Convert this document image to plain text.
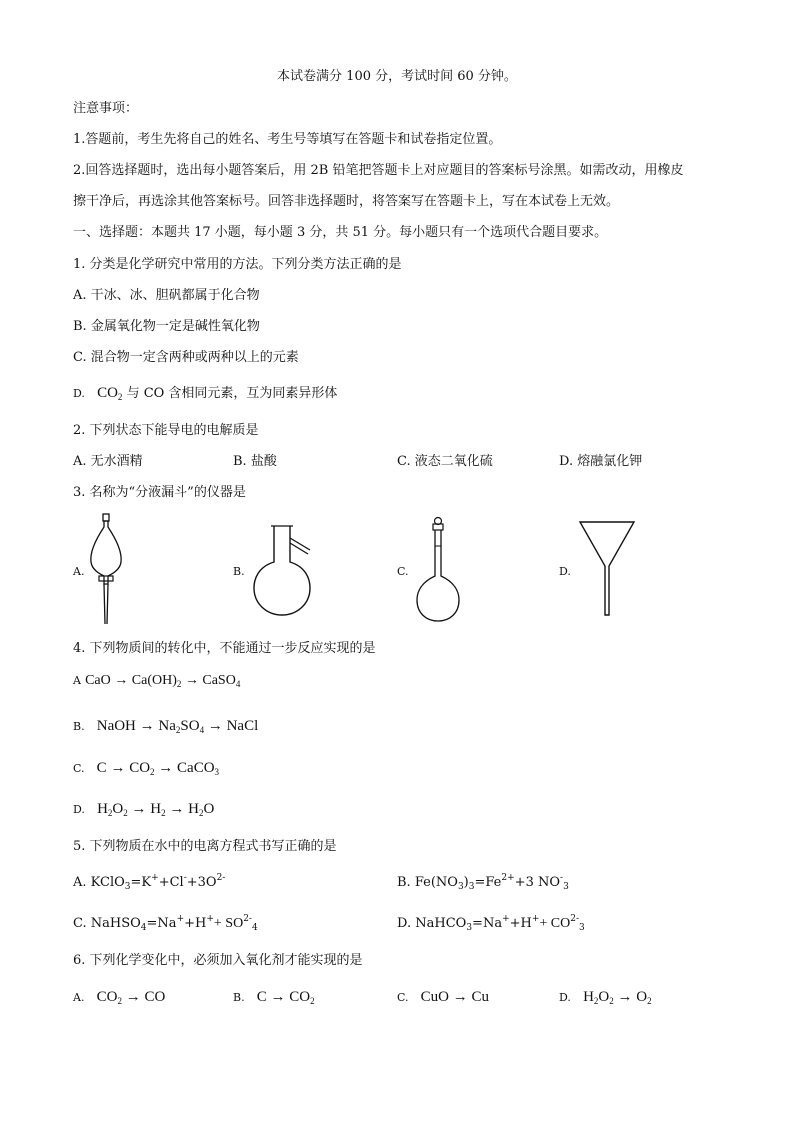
本试卷满分 100 分，考试时间 60 分钟。
注意事项：
1.答题前，考生先将自己的姓名、考生号等填写在答题卡和试卷指定位置。
2.回答选择题时，选出每小题答案后，用 2B 铅笔把答题卡上对应题目的答案标号涂黑。如需改动，用橡皮
擦干净后，再选涂其他答案标号。回答非选择题时，将答案写在答题卡上，写在本试卷上无效。
一、选择题：本题共 17 小题，每小题 3 分，共 51 分。每小题只有一个选项代合题目要求。
1. 分类是化学研究中常用的方法。下列分类方法正确的是
A. 干冰、冰、胆矾都属于化合物
B. 金属氧化物一定是碱性氧化物
C. 混合物一定含两种或两种以上的元素
D. $CO_2$ 与 CO 含相同元素，互为同素异形体
2. 下列状态下能导电的电解质是
A. 无水酒精	B. 盐酸	C. 液态二氧化硫	D. 熔融氯化钾
3. 名称为“分液漏斗”的仪器是
A.	B.	C.	D.
4. 下列物质间的转化中，不能通过一步反应实现的是
A CaO → $Ca(OH)_2$ → CaSO$_4$
B. NaOH → $Na_2SO_4$ → NaCl
C. $C \to CO_2$ → CaCO$_3$
D. $H_2O_2 \to H_2 \to H_2O$
5. 下列物质在水中的电离方程式书写正确的是
A. $KClO_3=K^++Cl^-+3O^{2-}$	B. $Fe(NO_3)_3=Fe^{2+}+3$ $NO^-_3$
C. NaHSO$_4$=Na++H++ $SO^{2-}_4$	D. NaHCO$_3$=Na++H++ $CO^{2-}_3$
6. 下列化学变化中，必须加入氧化剂才能实现的是
A. $CO_2$ → CO	B. $C \to CO_2$	C. CuO → Cu	D. $H_2O_2 \to O_2$
